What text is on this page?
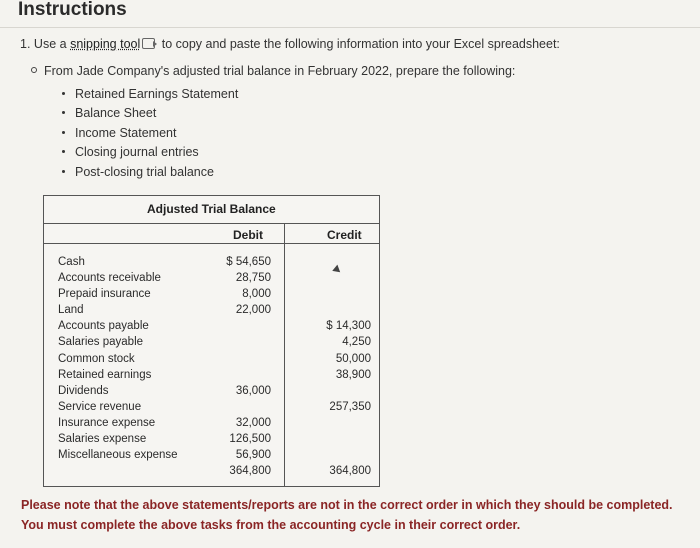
Instructions
1. Use a snipping tool to copy and paste the following information into your Excel spreadsheet:
From Jade Company's adjusted trial balance in February 2022, prepare the following:
Retained Earnings Statement
Balance Sheet
Income Statement
Closing journal entries
Post-closing trial balance
Adjusted Trial Balance
Debit	Credit
Cash
Accounts receivable
Prepaid insurance
Land
Accounts payable
Salaries payable
Common stock
Retained earnings
Dividends
Service revenue
Insurance expense
Salaries expense
Miscellaneous expense
$ 54,650
28,750
8,000
22,000
36,000
32,000
126,500
56,900
364,800
$ 14,300
4,250
50,000
38,900
257,350
364,800
Please note that the above statements/reports are not in the correct order in which they should be completed. You must complete the above tasks from the accounting cycle in their correct order.
